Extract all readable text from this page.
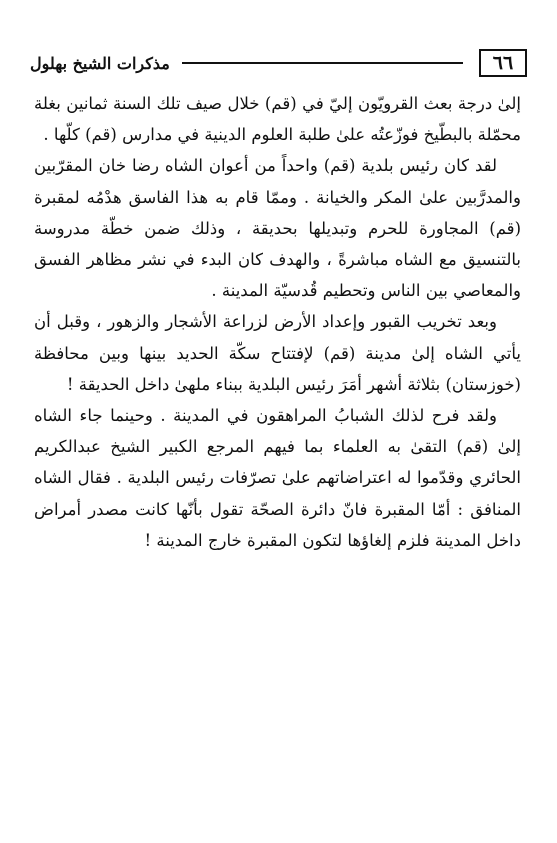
٦٦
مذكرات الشيخ بهلول

إلىٰ درجة بعث القرويّون إليّ في (قم) خلال صيف تلك السنة ثمانين بغلة محمّلة بالبطّيخ فوزّعتُه علىٰ طلبة العلوم الدينية في مدارس (قم) كلّها .

لقد كان رئيس بلدية (قم) واحداً من أعوان الشاه رضا خان المقرّبين والمدرَّبين علىٰ المكر والخيانة . وممّا قام به هذا الفاسق هدْمُه لمقبرة (قم) المجاورة للحرم وتبديلها بحديقة ، وذلك ضمن خطّة مدروسة بالتنسيق مع الشاه مباشرةً ، والهدف كان البدء في نشر مظاهر الفسق والمعاصي بين الناس وتحطيم قُدسيّة المدينة .

وبعد تخريب القبور وإعداد الأرض لزراعة الأشجار والزهور ، وقبل أن يأتي الشاه إلىٰ مدينة (قم) لإفتتاح سكّة الحديد بينها وبين محافظة (خوزستان) بثلاثة أشهر أمَرَ رئيس البلدية ببناء ملهىٰ داخل الحديقة !

ولقد فرح لذلك الشبابُ المراهقون في المدينة . وحينما جاء الشاه إلىٰ (قم) التقىٰ به العلماء بما فيهم المرجع الكبير الشيخ عبدالكريم الحائري وقدّموا له اعتراضاتهم علىٰ تصرّفات رئيس البلدية . فقال الشاه المنافق : أمّا المقبرة فانّ دائرة الصحّة تقول بأنّها كانت مصدر أمراض داخل المدينة فلزم إلغاؤها لتكون المقبرة خارج المدينة !
